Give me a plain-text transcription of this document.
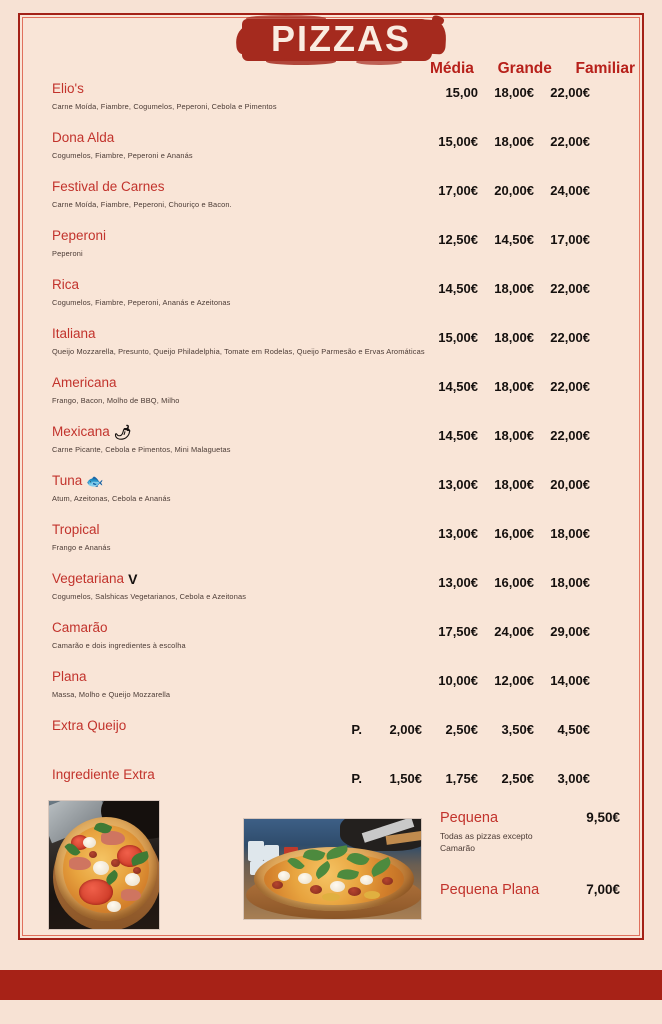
PIZZAS
Média Grande Familiar
Elio's
Carne Moída, Fiambre, Cogumelos, Peperoni, Cebola e Pimentos
15,00	18,00€	22,00€
Dona Alda
Cogumelos, Fiambre, Peperoni e Ananás
15,00€	18,00€	22,00€
Festival de Carnes
Carne Moída, Fiambre, Peperoni, Chouriço e Bacon.
17,00€	20,00€	24,00€
Peperoni
Peperoni
12,50€	14,50€	17,00€
Rica
Cogumelos, Fiambre, Peperoni, Ananás e Azeitonas
14,50€	18,00€	22,00€
Italiana
Queijo Mozzarella, Presunto, Queijo Philadelphia, Tomate em Rodelas, Queijo Parmesão e Ervas Aromáticas
15,00€	18,00€	22,00€
Americana
Frango, Bacon, Molho de BBQ, Milho
14,50€	18,00€	22,00€
Mexicana 🌶
Carne Picante, Cebola e Pimentos, Mini Malaguetas
14,50€	18,00€	22,00€
Tuna 🐟
Atum, Azeitonas, Cebola e Ananás
13,00€	18,00€	20,00€
Tropical
Frango e Ananás
13,00€	16,00€	18,00€
Vegetariana V
Cogumelos, Salshicas Vegetarianos, Cebola e Azeitonas
13,00€	16,00€	18,00€
Camarão
Camarão e dois ingredientes à escolha
17,50€	24,00€	29,00€
Plana
Massa, Molho e Queijo Mozzarella
10,00€	12,00€	14,00€
Extra Queijo	P.	2,00€	2,50€	3,50€	4,50€
Ingrediente Extra	P.	1,50€	1,75€	2,50€	3,00€
Pequena	9,50€
Todas as pizzas excepto
Camarão
Pequena Plana	7,00€
